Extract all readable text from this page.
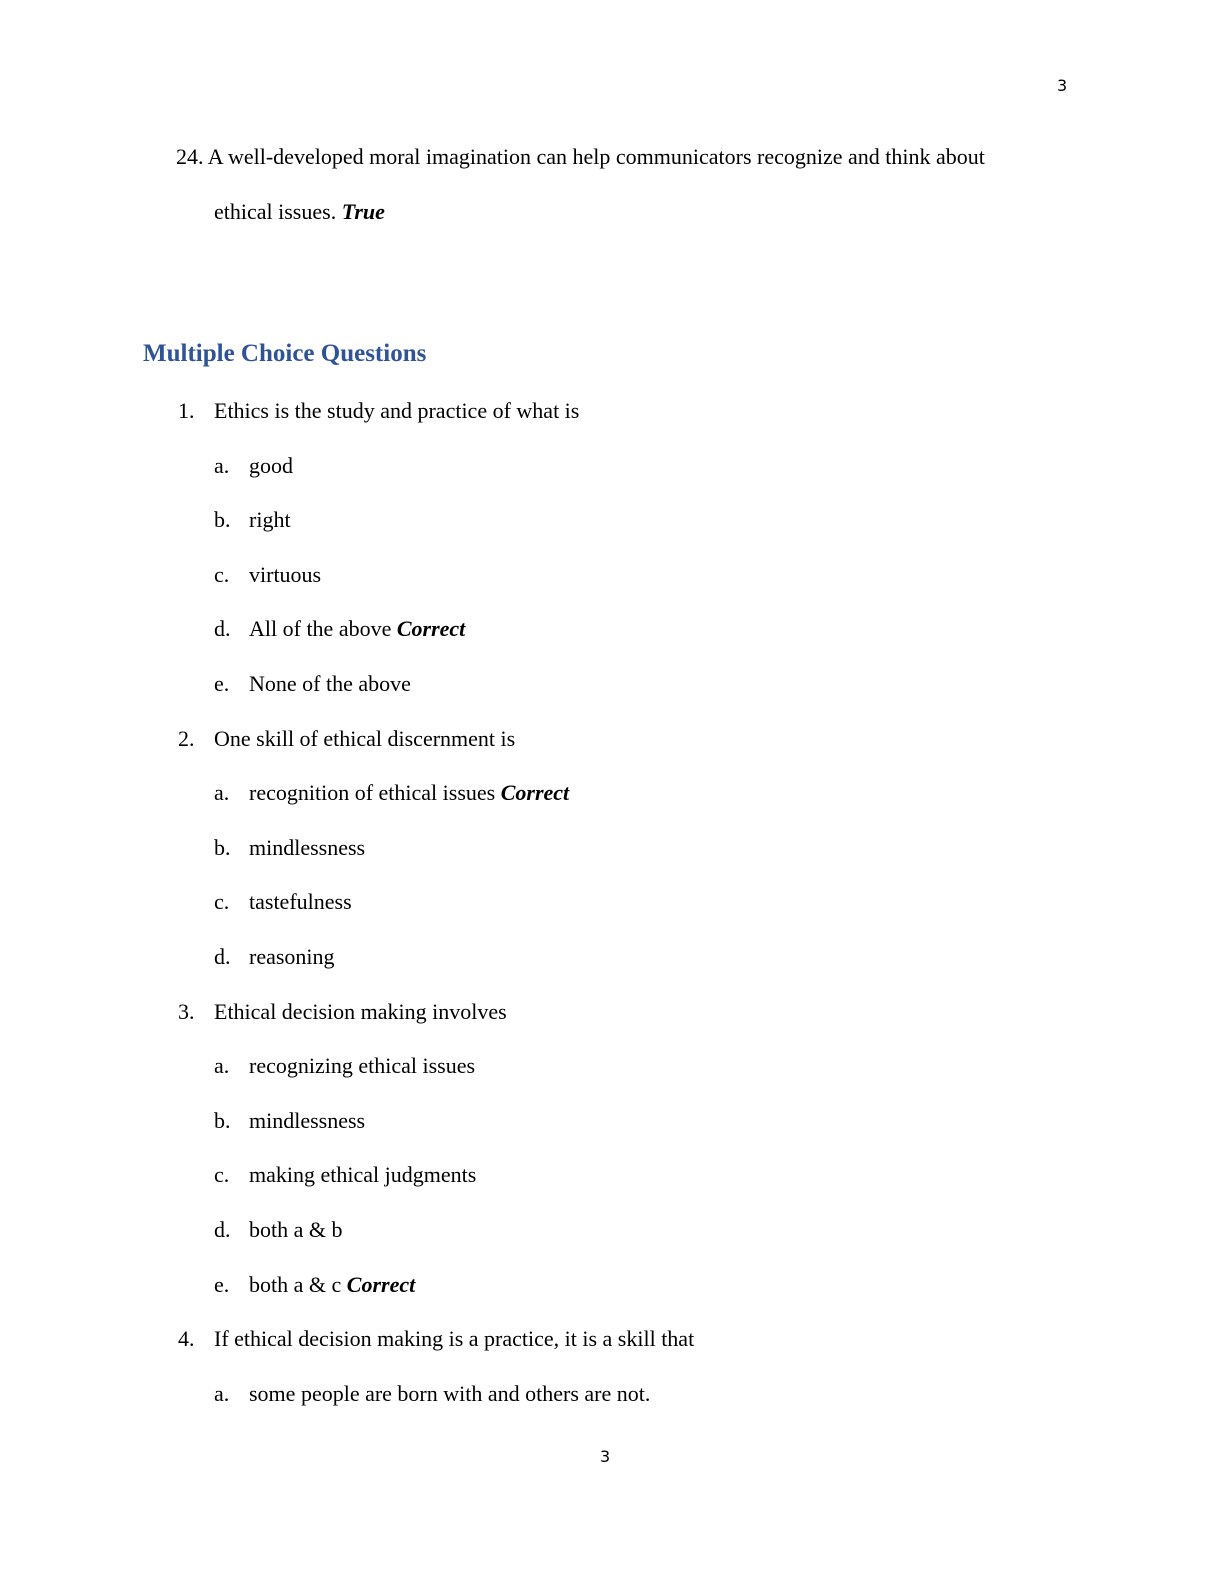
3
24. A well-developed moral imagination can help communicators recognize and think about
ethical issues. True
Multiple Choice Questions
1. Ethics is the study and practice of what is
a. good
b. right
c. virtuous
d. All of the above Correct
e. None of the above
2. One skill of ethical discernment is
a. recognition of ethical issues Correct
b. mindlessness
c. tastefulness
d. reasoning
3. Ethical decision making involves
a. recognizing ethical issues
b. mindlessness
c. making ethical judgments
d. both a & b
e. both a & c Correct
4. If ethical decision making is a practice, it is a skill that
a. some people are born with and others are not.
3
